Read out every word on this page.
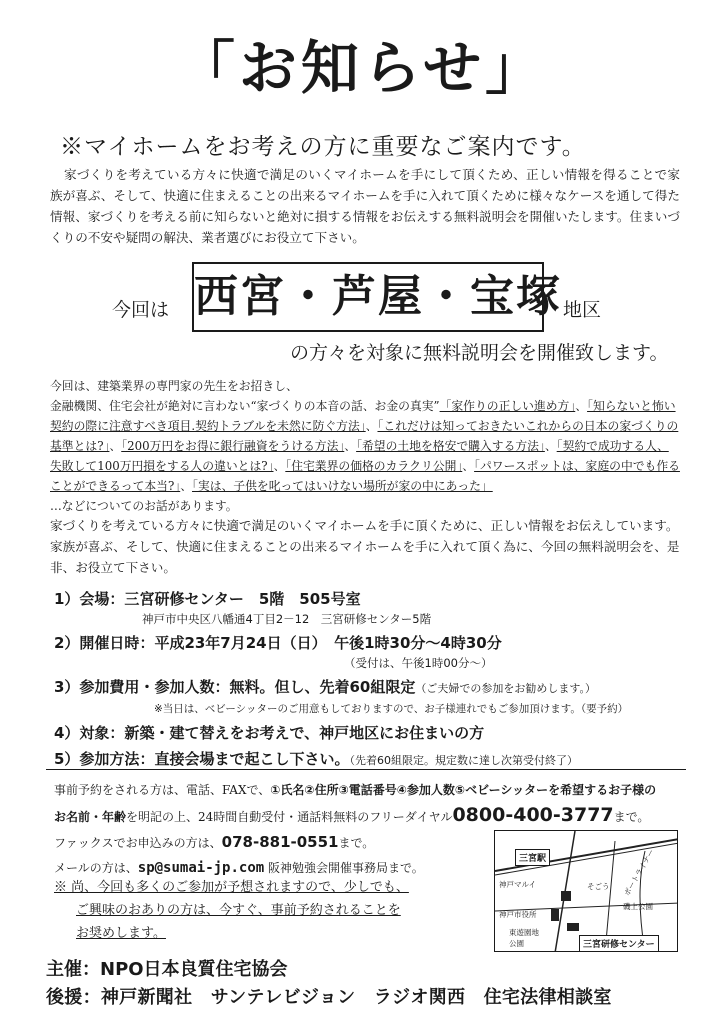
「お知らせ」
※マイホームをお考えの方に重要なご案内です。

家づくりを考えている方々に快適で満足のいくマイホームを手にして頂くため、正しい情報を得ることで家族が喜ぶ、そして、快適に住まえることの出来るマイホームを手に入れて頂くために様々なケースを通して得た情報、家づくりを考える前に知らないと絶対に損する情報をお伝えする無料説明会を開催いたします。住まいづくりの不安や疑問の解決、業者選びにお役立て下さい。

今回は 西宮・芦屋・宝塚 地区
の方々を対象に無料説明会を開催致します。

今回は、建築業界の専門家の先生をお招きし、

金融機関、住宅会社が絶対に言わない“家づくりの本音の話、お金の真実”「家作りの正しい進め方」、「知らないと怖い契約の際に注意すべき項目.契約トラブルを未然に防ぐ方法」、「これだけは知っておきたいこれからの日本の家づくりの基準とは?」、「200万円をお得に銀行融資をうける方法」、「希望の土地を格安で購入する方法」、「契約で成功する人、失敗して100万円損をする人の違いとは?」、「住宅業界の価格のカラクリ公開」、「パワースポットは、家庭の中でも作ることができるって本当?」、「実は、子供を叱ってはいけない場所が家の中にあった」

…などについてのお話があります。

家づくりを考えている方々に快適で満足のいくマイホームを手に頂くために、正しい情報をお伝えしています。家族が喜ぶ、そして、快適に住まえることの出来るマイホームを手に入れて頂く為に、今回の無料説明会を、是非、お役立て下さい。

1）会場：三宮研修センター　5階　505号室
神戸市中央区八幡通4丁目2－12　三宮研修センター5階
2）開催日時：平成23年7月24日（日）　午後1時30分～4時30分
（受付は、午後1時00分～）
3）参加費用・参加人数：無料。但し、先着60組限定（ご夫婦での参加をお勧めします。）
※当日は、ベビーシッターのご用意もしておりますので、お子様連れでもご参加頂けます。（要予約）
4）対象：新築・建て替えをお考えで、神戸地区にお住まいの方
5）参加方法：直接会場まで起こし下さい。（先着60組限定。規定数に達し次第受付終了）
事前予約をされる方は、電話、FAXで、①氏名②住所③電話番号④参加人数⑤ベビーシッターを希望するお子様の
お名前・年齢を明記の上、24時間自動受付・通話料無料のフリーダイヤル0800-400-3777まで。
ファックスでお申込みの方は、078-881-0551まで。
メールの方は、sp@sumai-jp.com 阪神勉強会開催事務局まで。

※ 尚、今回も多くのご参加が予想されますので、少しでも、

ご興味のおありの方は、今すぐ、事前予約されることを

お奨めします。

三宮駅	ポートライナー
神戸マルイ	そごう
磯上公園
神戸市役所
東遊園地
公園	三宮研修センター
主催：NPO日本良質住宅協会
後援：神戸新聞社　サンテレビジョン　ラジオ関西　住宅法律相談室
